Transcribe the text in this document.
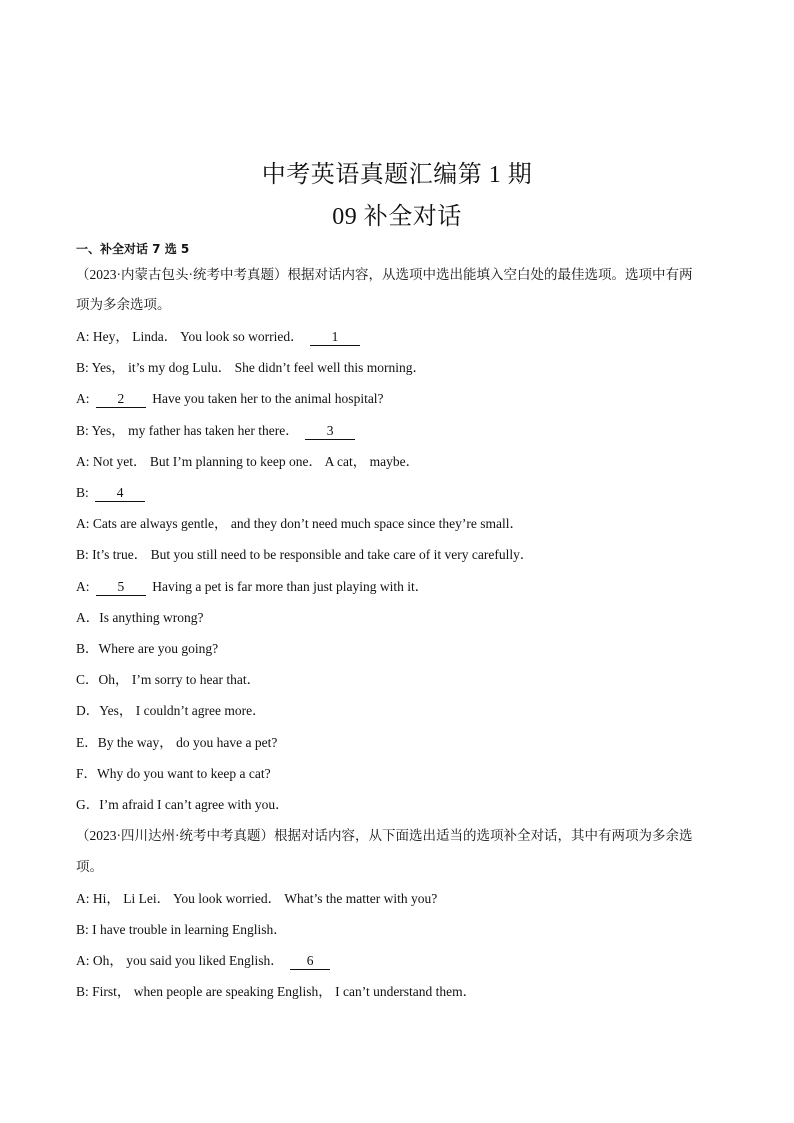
中考英语真题汇编第 1 期
09 补全对话

一、补全对话 7 选 5

（2023·内蒙古包头·统考中考真题）根据对话内容，从选项中选出能填入空白处的最佳选项。选项中有两

项为多余选项。

A: Hey， Linda． You look so worried． 1

B: Yes， it’s my dog Lulu． She didn’t feel well this morning．

A: 2 Have you taken her to the animal hospital?

B: Yes， my father has taken her there． 3

A: Not yet． But I’m planning to keep one． A cat， maybe．

B: 4

A: Cats are always gentle， and they don’t need much space since they’re small．

B: It’s true． But you still need to be responsible and take care of it very carefully．

A: 5 Having a pet is far more than just playing with it．

A．Is anything wrong?

B．Where are you going?

C．Oh， I’m sorry to hear that．

D．Yes， I couldn’t agree more．

E．By the way， do you have a pet?

F．Why do you want to keep a cat?

G．I’m afraid I can’t agree with you．

（2023·四川达州·统考中考真题）根据对话内容，从下面选出适当的选项补全对话，其中有两项为多余选

项。

A: Hi， Li Lei． You look worried． What’s the matter with you?

B: I have trouble in learning English．

A: Oh， you said you liked English． 6

B: First， when people are speaking English， I can’t understand them．
